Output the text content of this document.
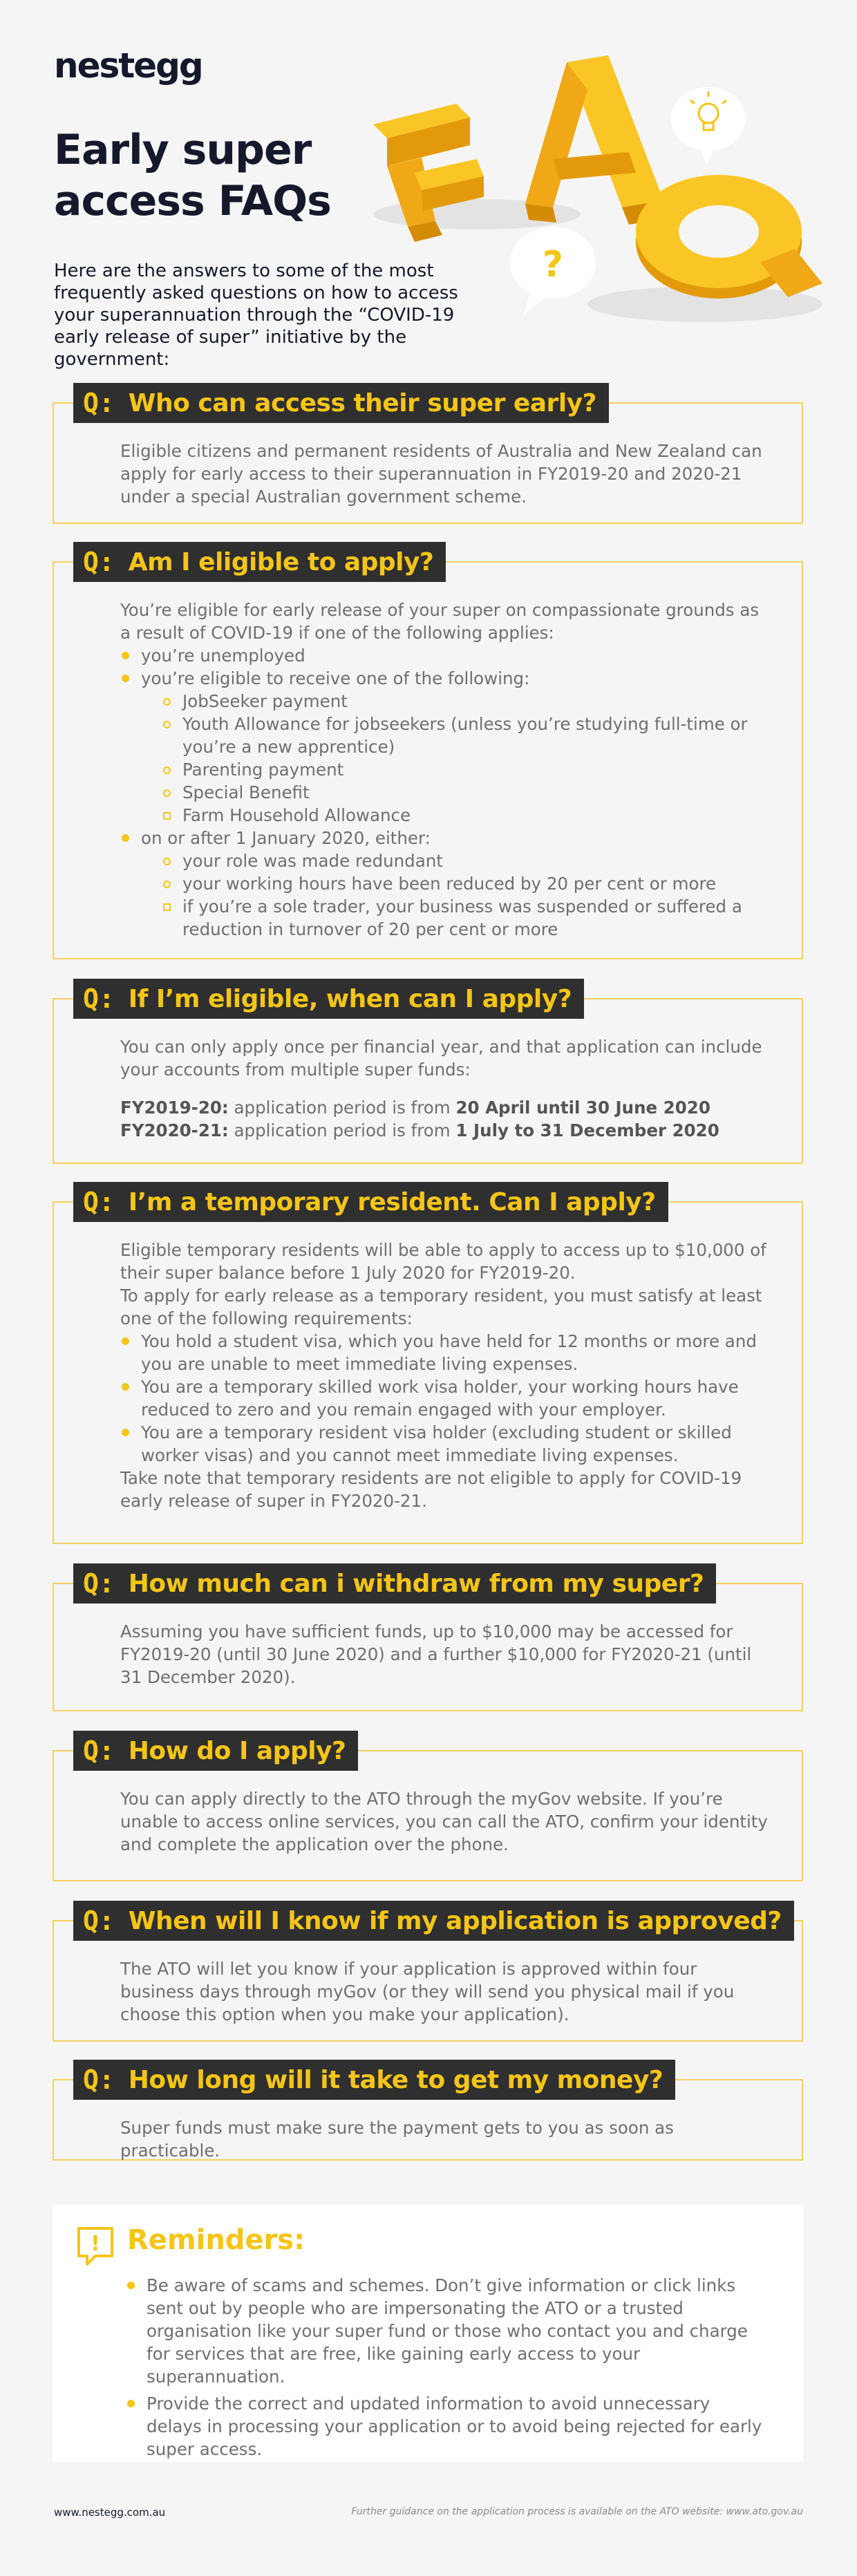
nestegg
Early super
access FAQs

Here are the answers to some of the most frequently asked questions on how to access your superannuation through the “COVID-19 early release of super” initiative by the government:

?
Q: Who can access their super early?

Eligible citizens and permanent residents of Australia and New Zealand can apply for early access to their superannuation in FY2019-20 and 2020-21 under a special Australian government scheme.

Q: Am I eligible to apply?

You’re eligible for early release of your super on compassionate grounds as a result of COVID-19 if one of the following applies:

you’re unemployed
you’re eligible to receive one of the following:
JobSeeker payment
Youth Allowance for jobseekers (unless you’re studying full-time or you’re a new apprentice)
Parenting payment
Special Benefit
Farm Household Allowance
on or after 1 January 2020, either:
your role was made redundant
your working hours have been reduced by 20 per cent or more
if you’re a sole trader, your business was suspended or suffered a reduction in turnover of 20 per cent or more
Q: If I’m eligible, when can I apply?

You can only apply once per financial year, and that application can include your accounts from multiple super funds:

FY2019-20: application period is from 20 April until 30 June 2020

FY2020-21: application period is from 1 July to 31 December 2020

Q: I’m a temporary resident. Can I apply?

Eligible temporary residents will be able to apply to access up to $10,000 of their super balance before 1 July 2020 for FY2019-20.

To apply for early release as a temporary resident, you must satisfy at least one of the following requirements:

You hold a student visa, which you have held for 12 months or more and you are unable to meet immediate living expenses.
You are a temporary skilled work visa holder, your working hours have reduced to zero and you remain engaged with your employer.
You are a temporary resident visa holder (excluding student or skilled worker visas) and you cannot meet immediate living expenses.

Take note that temporary residents are not eligible to apply for COVID-19 early release of super in FY2020-21.

Q: How much can i withdraw from my super?

Assuming you have sufficient funds, up to $10,000 may be accessed for FY2019-20 (until 30 June 2020) and a further $10,000 for FY2020-21 (until 31 December 2020).

Q: How do I apply?

You can apply directly to the ATO through the myGov website. If you’re unable to access online services, you can call the ATO, confirm your identity and complete the application over the phone.

Q: When will I know if my application is approved?

The ATO will let you know if your application is approved within four business days through myGov (or they will send you physical mail if you choose this option when you make your application).

Q: How long will it take to get my money?

Super funds must make sure the payment gets to you as soon as practicable.

! Reminders:
Be aware of scams and schemes. Don’t give information or click links sent out by people who are impersonating the ATO or a trusted organisation like your super fund or those who contact you and charge for services that are free, like gaining early access to your superannuation.
Provide the correct and updated information to avoid unnecessary delays in processing your application or to avoid being rejected for early super access.
www.nestegg.com.au	Further guidance on the application process is available on the ATO website: www.ato.gov.au
